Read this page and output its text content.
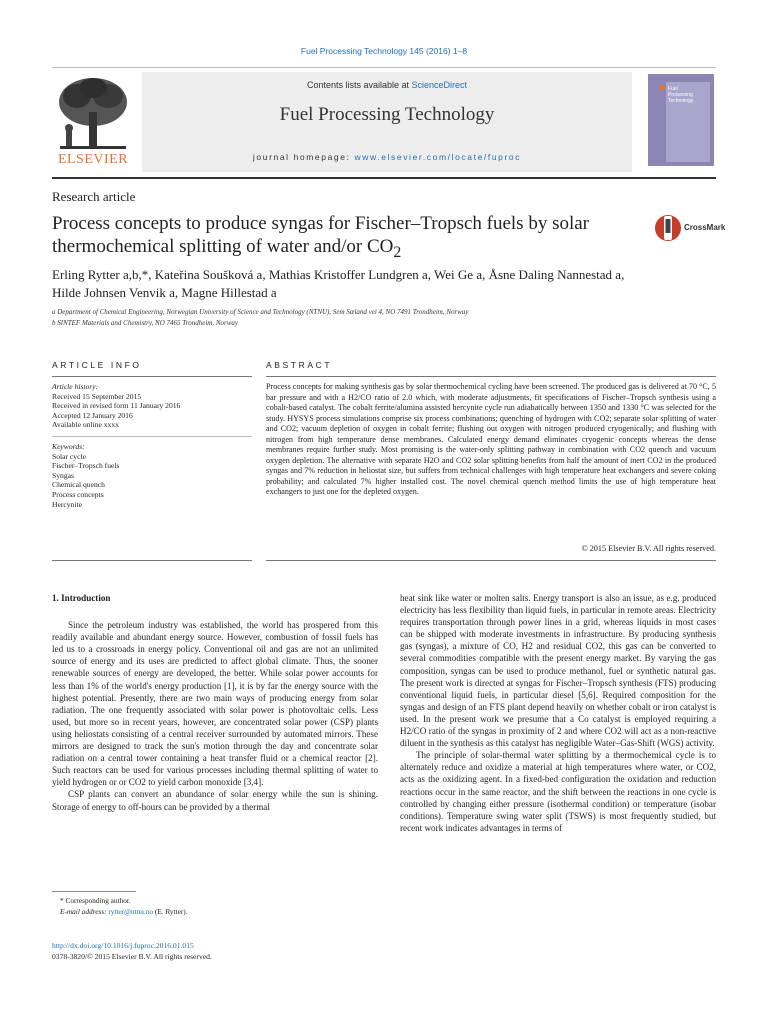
Fuel Processing Technology 145 (2016) 1–8
ELSEVIER
Contents lists available at ScienceDirect
Fuel Processing Technology
journal homepage: www.elsevier.com/locate/fuproc
Fuel
Processing
Technology
Research article
Process concepts to produce syngas for Fischer–Tropsch fuels by solar
thermochemical splitting of water and/or $CO_2$
CrossMark
Erling Rytter a,b,*, Kateřina Soušková a, Mathias Kristoffer Lundgren a, Wei Ge a, Åsne Daling Nannestad a,
Hilde Johnsen Venvik a, Magne Hillestad a
a Department of Chemical Engineering, Norwegian University of Science and Technology (NTNU), Sem Sæland vei 4, NO 7491 Trondheim, Norway
b SINTEF Materials and Chemistry, NO 7465 Trondheim, Norway
ARTICLE INFO	ABSTRACT
Article history:
Received 15 September 2015
Received in revised form 11 January 2016
Accepted 12 January 2016
Available online xxxx
Keywords:
Solar cycle
Fischer–Tropsch fuels
Syngas
Chemical quench
Process concepts
Hercynite
Process concepts for making synthesis gas by solar thermochemical cycling have been screened. The produced gas is delivered at 70 °C, 5 bar pressure and with a H2/CO ratio of 2.0 which, with moderate adjustments, fit specifications of Fischer–Tropsch synthesis using a cobalt-based catalyst. The cobalt ferrite/alumina assisted hercynite cycle run adiabatically between 1350 and 1330 °C was selected for the study. HYSYS process simulations comprise six process combinations; quenching of hydrogen with CO2; separate solar splitting of water and CO2; vacuum depletion of oxygen in cobalt ferrite; flushing out oxygen with nitrogen produced cryogenically; and flushing with nitrogen from high temperature dense membranes. Calculated energy demand eliminates cryogenic concepts whereas the dense membranes require further study. Most promising is the water-only splitting pathway in combination with CO2 quench and vacuum oxygen depletion. The alternative with separate H2O and CO2 solar splitting benefits from half the amount of inert CO2 in the produced syngas and 7% reduction in heliostat size, but suffers from technical challenges with high temperature heat exchangers and severe coking probability; and calculated 7% higher installed cost. The novel chemical quench method limits the use of high temperature heat exchangers to just one for the depleted oxygen.
© 2015 Elsevier B.V. All rights reserved.
1. Introduction

Since the petroleum industry was established, the world has prospered from this readily available and abundant energy source. However, combustion of fossil fuels has led us to a crossroads in energy policy. Conventional oil and gas are not an unlimited source of energy and its uses are predicted to affect global climate. Thus, the sooner renewable sources of energy are developed, the better. While solar power accounts for less than 1% of the world's energy production [1], it is by far the energy source with the highest potential. Presently, there are two main ways of producing energy from solar radiation. The one frequently associated with solar power is photovoltaic cells. Less used, but more so in recent years, however, are concentrated solar power (CSP) plants using heliostats consisting of a central receiver surrounded by automated mirrors. These mirrors are designed to track the sun's motion through the day and concentrate solar radiation on a central tower containing a heat transfer fluid or a chemical reactor [2]. Such reactors can be used for various processes including thermal splitting of water to yield hydrogen or or CO2 to yield carbon monoxide [3,4].

CSP plants can convert an abundance of solar energy while the sun is shining. Storage of energy to off-hours can be provided by a thermal

heat sink like water or molten salts. Energy transport is also an issue, as e.g. produced electricity has less flexibility than liquid fuels, in particular in remote areas. Electricity requires transportation through power lines in a grid, whereas liquids in most cases can be shipped with moderate investments in infrastructure. By producing synthesis gas (syngas), a mixture of CO, H2 and residual CO2, this gas can be converted to several commodities compatible with the present energy market. By varying the gas composition, syngas can be used to produce methanol, fuel or synthetic natural gas. The present work is directed at syngas for Fischer–Tropsch synthesis (FTS) producing conventional liquid fuels, in particular diesel [5,6]. Required composition for the syngas and design of an FTS plant depend heavily on whether cobalt or iron catalyst is used. In the present work we presume that a Co catalyst is employed requiring a H2/CO ratio of the syngas in proximity of 2 and where CO2 will act as a non-reactive diluent in the synthesis as this catalyst has negligible Water–Gas-Shift (WGS) activity.

The principle of solar-thermal water splitting by a thermochemical cycle is to alternately reduce and oxidize a material at high temperatures where water, or CO2, acts as the oxidizing agent. In a fixed-bed configuration the oxidation and reduction reactions occur in the same reactor, and the shift between the reactions in one cycle is controlled by changing either pressure (isothermal condition) or temperature (isobar conditions). Temperature swing water split (TSWS) is most frequently studied, but recent work indicates advantages in terms of

* Corresponding author.
E-mail address: rytter@ntnu.no (E. Rytter).
http://dx.doi.org/10.1016/j.fuproc.2016.01.015
0378-3820/© 2015 Elsevier B.V. All rights reserved.
